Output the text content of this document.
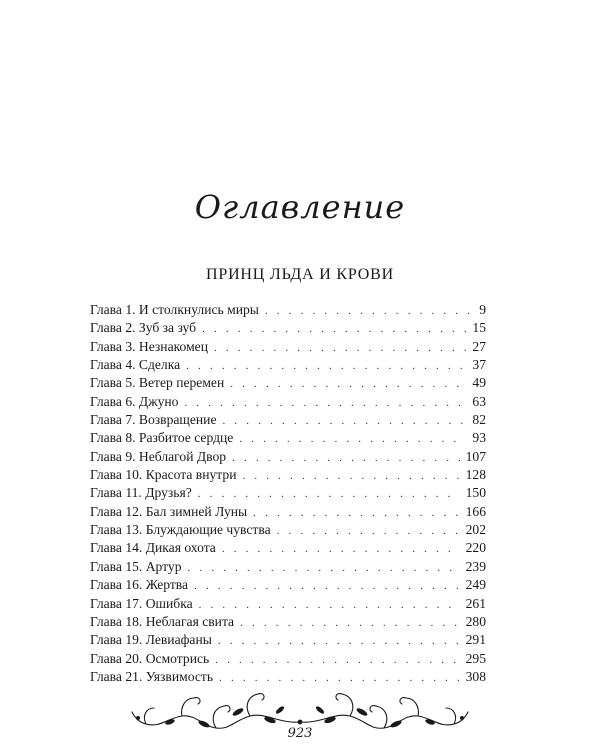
Оглавление
ПРИНЦ ЛЬДА И КРОВИ
Глава 1. И столкнулись миры . . .	9
Глава 2. Зуб за зуб . . .	15
Глава 3. Незнакомец . . .	27
Глава 4. Сделка . . .	37
Глава 5. Ветер перемен . . .	49
Глава 6. Джуно . . .	63
Глава 7. Возвращение . . .	82
Глава 8. Разбитое сердце . . .	93
Глава 9. Неблагой Двор . . .	107
Глава 10. Красота внутри . . .	128
Глава 11. Друзья? . . .	150
Глава 12. Бал зимней Луны . . .	166
Глава 13. Блуждающие чувства . . .	202
Глава 14. Дикая охота . . .	220
Глава 15. Артур . . .	239
Глава 16. Жертва . . .	249
Глава 17. Ошибка . . .	261
Глава 18. Неблагая свита . . .	280
Глава 19. Левиафаны . . .	291
Глава 20. Осмотрись . . .	295
Глава 21. Уязвимость . . .	308
923
